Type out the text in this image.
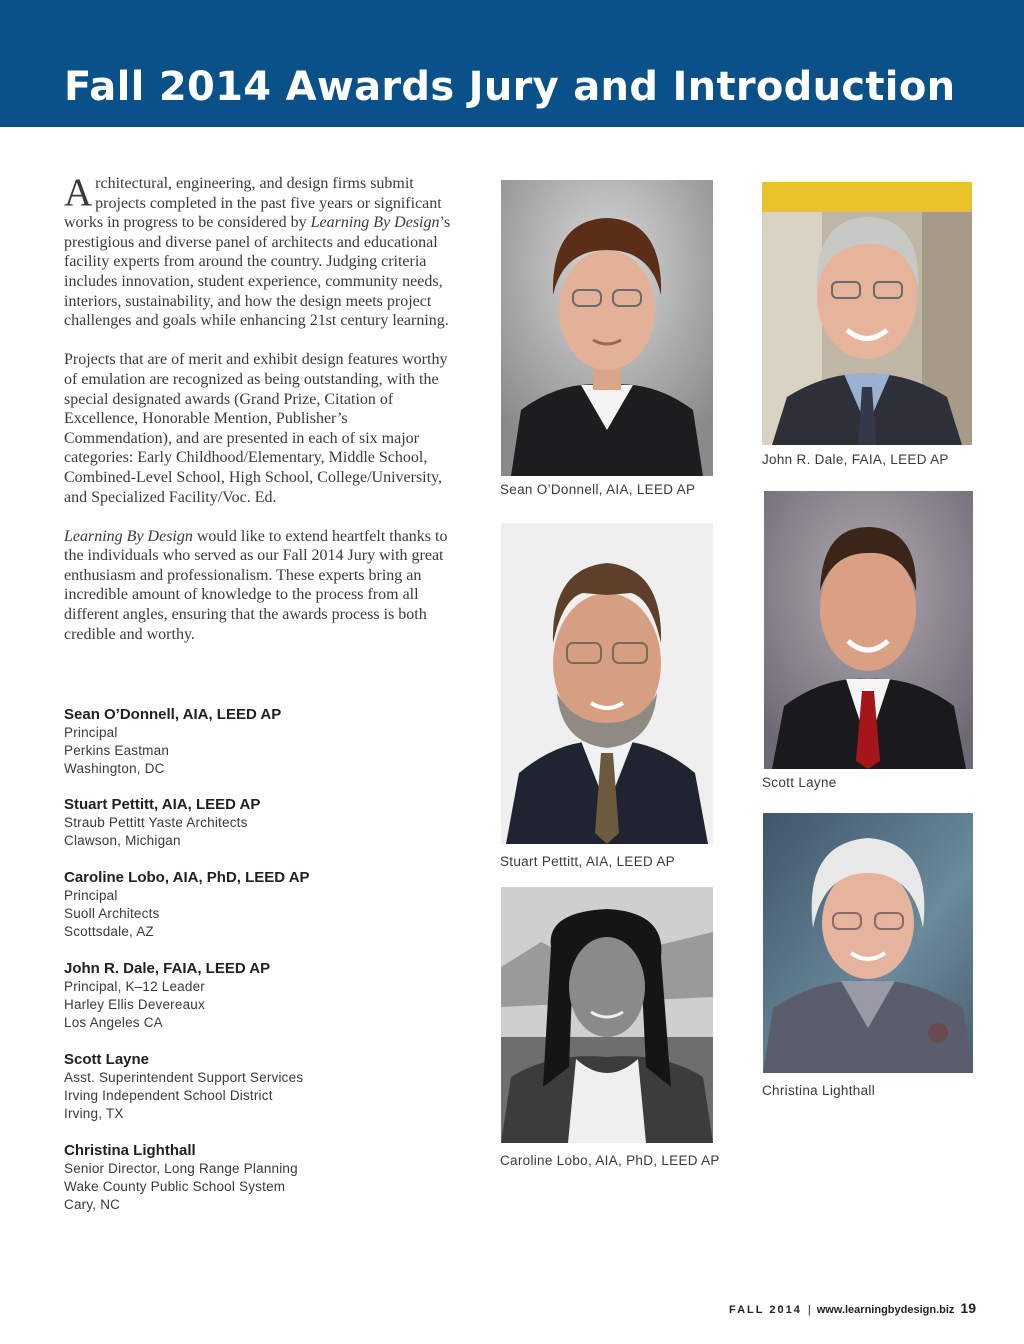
Fall 2014 Awards Jury and Introduction

Architectural, engineering, and design firms submit projects completed in the past five years or significant works in progress to be considered by Learning By Design’s prestigious and diverse panel of architects and educational facility experts from around the country. Judging criteria includes innovation, student experience, community needs, interiors, sustainability, and how the design meets project challenges and goals while enhancing 21st century learning.

Projects that are of merit and exhibit design features worthy of emulation are recognized as being outstanding, with the special designated awards (Grand Prize, Citation of Excellence, Honorable Mention, Publisher’s Commendation), and are presented in each of six major categories: Early Childhood/Elementary, Middle School, Combined-Level School, High School, College/University, and Specialized Facility/Voc. Ed.

Learning By Design would like to extend heartfelt thanks to the individuals who served as our Fall 2014 Jury with great enthusiasm and professionalism. These experts bring an incredible amount of knowledge to the process from all different angles, ensuring that the awards process is both credible and worthy.

Sean O’Donnell, AIA, LEED AP
Principal
Perkins Eastman
Washington, DC
Stuart Pettitt, AIA, LEED AP
Straub Pettitt Yaste Architects
Clawson, Michigan
Caroline Lobo, AIA, PhD, LEED AP
Principal
Suoll Architects
Scottsdale, AZ
John R. Dale, FAIA, LEED AP
Principal, K–12 Leader
Harley Ellis Devereaux
Los Angeles CA
Scott Layne
Asst. Superintendent Support Services
Irving Independent School District
Irving, TX
Christina Lighthall
Senior Director, Long Range Planning
Wake County Public School System
Cary, NC
Sean O’Donnell, AIA, LEED AP
John R. Dale, FAIA, LEED AP
Scott Layne
Stuart Pettitt, AIA, LEED AP
Caroline Lobo, AIA, PhD, LEED AP
Christina Lighthall
FALL 2014 | www.learningbydesign.biz 19
